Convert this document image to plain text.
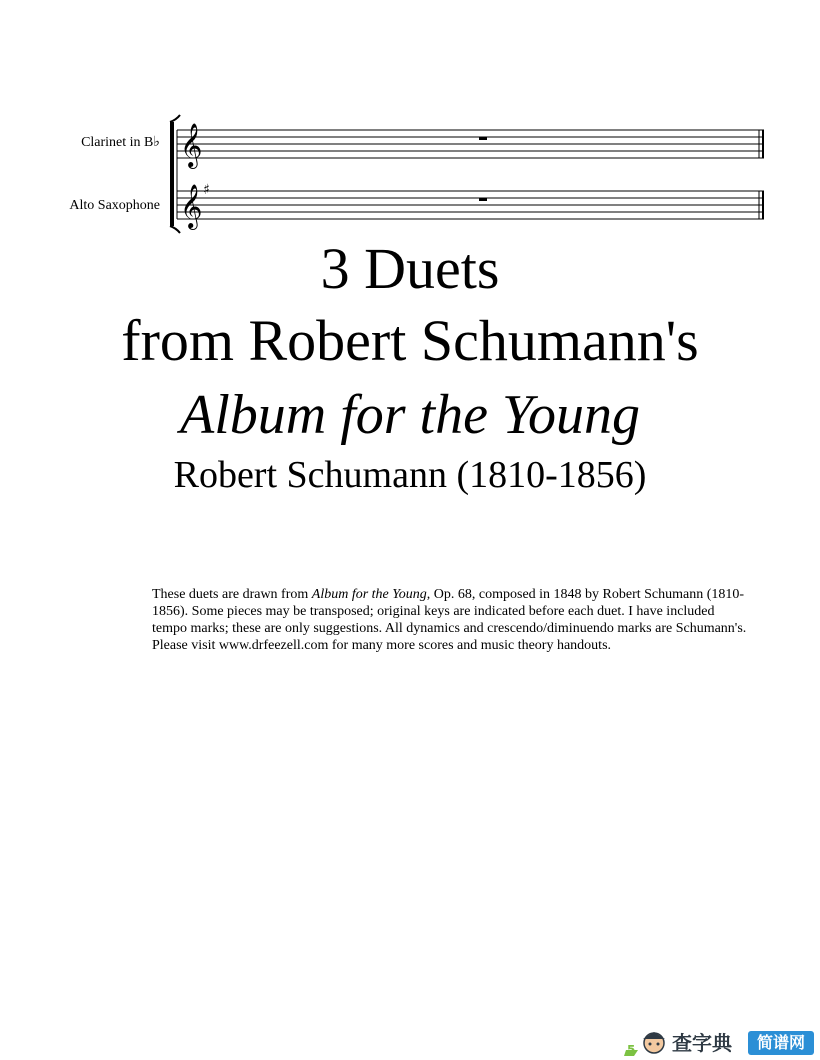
Clarinet in B♭
Alto Saxophone
𝄞
𝄞 ♯
3 Duets
from Robert Schumann's
Album for the Young
Robert Schumann (1810-1856)

These duets are drawn from Album for the Young, Op. 68, composed in 1848 by Robert Schumann (1810-1856). Some pieces may be transposed; original keys are indicated before each duet. I have included tempo marks; these are only suggestions. All dynamics and crescendo/diminuendo marks are Schumann's. Please visit www.drfeezell.com for many more scores and music theory handouts.

5 查字典	简谱网
